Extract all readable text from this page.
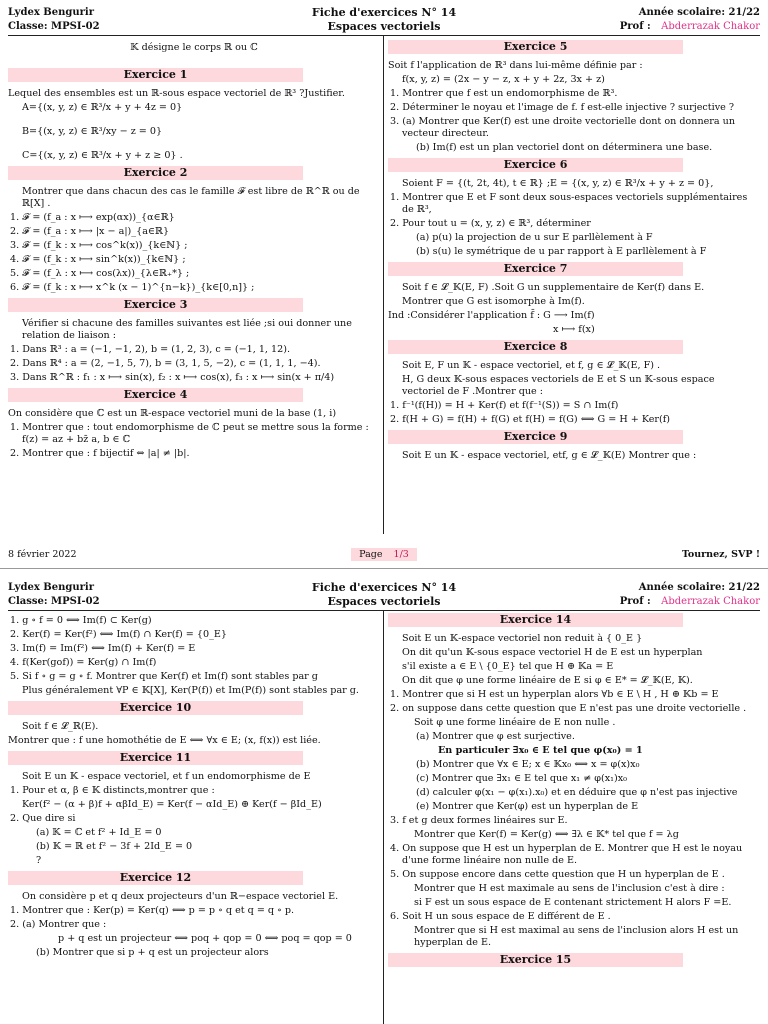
Lydex Bengurir
Classe: MPSI-02
Fiche d'exercices N° 14
Espaces vectoriels
Année scolaire: 21/22
Prof : Abderrazak Chakor

𝕂 désigne le corps ℝ ou ℂ

Exercice 1

Lequel des ensembles est un ℝ-sous espace vectoriel de ℝ³ ?Justifier.

A={(x, y, z) ∈ ℝ³/x + y + 4z = 0}

B={(x, y, z) ∈ ℝ³/xy − z = 0}

C={(x, y, z) ∈ ℝ³/x + y + z ≥ 0} .

Exercice 2

Montrer que dans chacun des cas le famille 𝓕 est libre de ℝ^ℝ ou de ℝ[X] .

1. 𝓕 = (f_a : x ⟼ exp(αx))_{α∈ℝ}
2. 𝓕 = (f_a : x ⟼ |x − a|)_{a∈ℝ}
3. 𝓕 = (f_k : x ⟼ cos^k(x))_{k∈ℕ} ;
4. 𝓕 = (f_k : x ⟼ sin^k(x))_{k∈ℕ} ;
5. 𝓕 = (f_λ : x ⟼ cos(λx))_{λ∈ℝ₊*} ;
6. 𝓕 = (f_k : x ⟼ x^k (x − 1)^{n−k})_{k∈[0,n]} ;
Exercice 3

Vérifier si chacune des familles suivantes est liée ;si oui donner une relation de liaison :

1. Dans ℝ³ : a = (−1, −1, 2), b = (1, 2, 3), c = (−1, 1, 12).
2. Dans ℝ⁴ : a = (2, −1, 5, 7), b = (3, 1, 5, −2), c = (1, 1, 1, −4).
3. Dans ℝ^ℝ : f₁ : x ⟼ sin(x), f₂ : x ⟼ cos(x), f₃ : x ⟼ sin(x + π/4)
Exercice 4

On considère que ℂ est un ℝ-espace vectoriel muni de la base (1, i)

1. Montrer que : tout endomorphisme de ℂ peut se mettre sous la forme : f(z) = az + bz̄ a, b ∈ ℂ
2. Montrer que : f bijectif ⇔ |a| ≠ |b|.
Exercice 5

Soit f l'application de ℝ³ dans lui-même définie par :

f(x, y, z) = (2x − y − z, x + y + 2z, 3x + z)

1. Montrer que f est un endomorphisme de ℝ³.
2. Déterminer le noyau et l'image de f. f est-elle injective ? surjective ?
3. (a) Montrer que Ker(f) est une droite vectorielle dont on donnera un vecteur directeur.
(b) Im(f) est un plan vectoriel dont on déterminera une base.
Exercice 6

Soient F = {(t, 2t, 4t), t ∈ ℝ} ;E = {(x, y, z) ∈ ℝ³/x + y + z = 0},

1. Montrer que E et F sont deux sous-espaces vectoriels supplémentaires de ℝ³,
2. Pour tout u = (x, y, z) ∈ ℝ³, déterminer
(a) p(u) la projection de u sur E parllèlement à F
(b) s(u) le symétrique de u par rapport à E parllèlement à F
Exercice 7

Soit f ∈ 𝓛_𝕂(E, F) .Soit G un supplementaire de Ker(f) dans E.

Montrer que G est isomorphe à Im(f).

Ind :Considérer l'application f̄ : G ⟶ Im(f)

x ⟼ f(x)

Exercice 8

Soit E, F un 𝕂 - espace vectoriel, et f, g ∈ 𝓛_𝕂(E, F) .

H, G deux 𝕂-sous espaces vectoriels de E et S un 𝕂-sous espace vectoriel de F .Montrer que :

1. f⁻¹(f(H)) = H + Ker(f) et f(f⁻¹(S)) = S ∩ Im(f)
2. f(H + G) = f(H) + f(G) et f(H) = f(G) ⟺ G = H + Ker(f)
Exercice 9

Soit E un 𝕂 - espace vectoriel, etf, g ∈ 𝓛_𝕂(E) Montrer que :

8 février 2022	Page 1/3	Tournez, SVP !
Lydex Bengurir
Classe: MPSI-02
Fiche d'exercices N° 14
Espaces vectoriels
Année scolaire: 21/22
Prof : Abderrazak Chakor
1. g ∘ f = 0 ⟺ Im(f) ⊂ Ker(g)
2. Ker(f) = Ker(f²) ⟺ Im(f) ∩ Ker(f) = {0_E}
3. Im(f) = Im(f²) ⟺ Im(f) + Ker(f) = E
4. f(Ker(gof)) = Ker(g) ∩ Im(f)
5. Si f ∘ g = g ∘ f. Montrer que Ker(f) et Im(f) sont stables par g
Plus généralement ∀P ∈ 𝕂[X], Ker(P(f)) et Im(P(f)) sont stables par g.
Exercice 10

Soit f ∈ 𝓛_ℝ(E).

Montrer que : f une homothétie de E ⟺ ∀x ∈ E; (x, f(x)) est liée.

Exercice 11

Soit E un 𝕂 - espace vectoriel, et f un endomorphisme de E

1. Pour et α, β ∈ 𝕂 distincts,montrer que :
Ker(f² − (α + β)f + αβId_E) = Ker(f − αId_E) ⊕ Ker(f − βId_E)
2. Que dire si
(a) 𝕂 = ℂ et f² + Id_E = 0
(b) 𝕂 = ℝ et f² − 3f + 2Id_E = 0
?
Exercice 12

On considère p et q deux projecteurs d'un ℝ−espace vectoriel E.

1. Montrer que : Ker(p) = Ker(q) ⟺ p = p ∘ q et q = q ∘ p.
2. (a) Montrer que :
p + q est un projecteur ⟺ poq + qop = 0 ⟺ poq = qop = 0
(b) Montrer que si p + q est un projecteur alors
Exercice 14

Soit E un 𝕂-espace vectoriel non reduit à { 0_E }

On dit qu'un 𝕂-sous espace vectoriel H de E est un hyperplan

s'il existe a ∈ E \ {0_E} tel que H ⊕ 𝕂a = E

On dit que φ une forme linéaire de E si φ ∈ E* = 𝓛_𝕂(E, 𝕂).

1. Montrer que si H est un hyperplan alors ∀b ∈ E \ H , H ⊕ 𝕂b = E
2. on suppose dans cette question que E n'est pas une droite vectorielle .
Soit φ une forme linéaire de E non nulle .
(a) Montrer que φ est surjective.
En particuler ∃x₀ ∈ E tel que φ(x₀) = 1
(b) Montrer que ∀x ∈ E; x ∈ 𝕂x₀ ⟺ x = φ(x)x₀
(c) Montrer que ∃x₁ ∈ E tel que x₁ ≠ φ(x₁)x₀
(d) calculer φ(x₁ − φ(x₁).x₀) et en déduire que φ n'est pas injective
(e) Montrer que Ker(φ) est un hyperplan de E
3. f et g deux formes linéaires sur E.
Montrer que Ker(f) = Ker(g) ⟺ ∃λ ∈ 𝕂* tel que f = λg
4. On suppose que H est un hyperplan de E. Montrer que H est le noyau d'une forme linéaire non nulle de E.
5. On suppose encore dans cette question que H un hyperplan de E .
Montrer que H est maximale au sens de l'inclusion c'est à dire :
si F est un sous espace de E contenant strictement H alors F =E.
6. Soit H un sous espace de E différent de E .
Montrer que si H est maximal au sens de l'inclusion alors H est un hyperplan de E.
Exercice 15
